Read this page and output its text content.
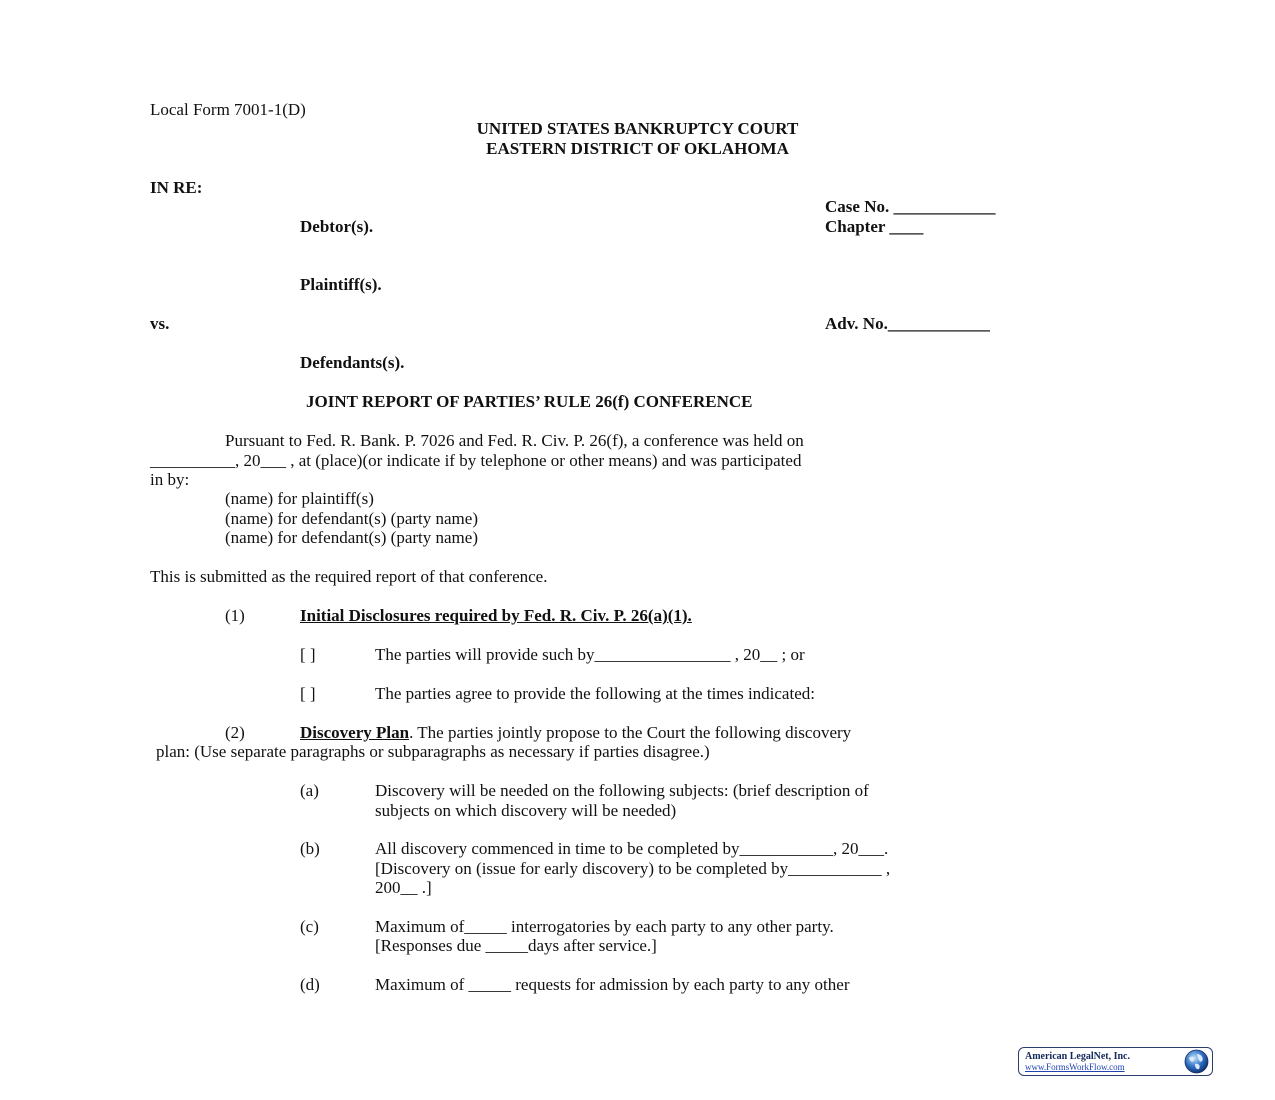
Local Form 7001-1(D)
UNITED STATES BANKRUPTCY COURT
EASTERN DISTRICT OF OKLAHOMA
IN RE:
Case No. ____________
Debtor(s).	Chapter ____
Plaintiff(s).
vs.	Adv. No.____________
Defendants(s).
JOINT REPORT OF PARTIES’ RULE 26(f) CONFERENCE
Pursuant to Fed. R. Bank. P. 7026 and Fed. R. Civ. P. 26(f), a conference was held on
__________, 20___ , at (place)(or indicate if by telephone or other means) and was participated
in by:
(name) for plaintiff(s)
(name) for defendant(s) (party name)
(name) for defendant(s) (party name)
This is submitted as the required report of that conference.
(1)	Initial Disclosures required by Fed. R. Civ. P. 26(a)(1).
[ ]	The parties will provide such by________________ , 20__ ; or
[ ]	The parties agree to provide the following at the times indicated:
(2)	Discovery Plan. The parties jointly propose to the Court the following discovery
plan: (Use separate paragraphs or subparagraphs as necessary if parties disagree.)
(a)	Discovery will be needed on the following subjects: (brief description of
subjects on which discovery will be needed)
(b)	All discovery commenced in time to be completed by___________, 20___.
[Discovery on (issue for early discovery) to be completed by___________ ,
200__ .]
(c)	Maximum of_____ interrogatories by each party to any other party.
[Responses due _____days after service.]
(d)	Maximum of _____ requests for admission by each party to any other
American LegalNet, Inc.
www.FormsWorkFlow.com
